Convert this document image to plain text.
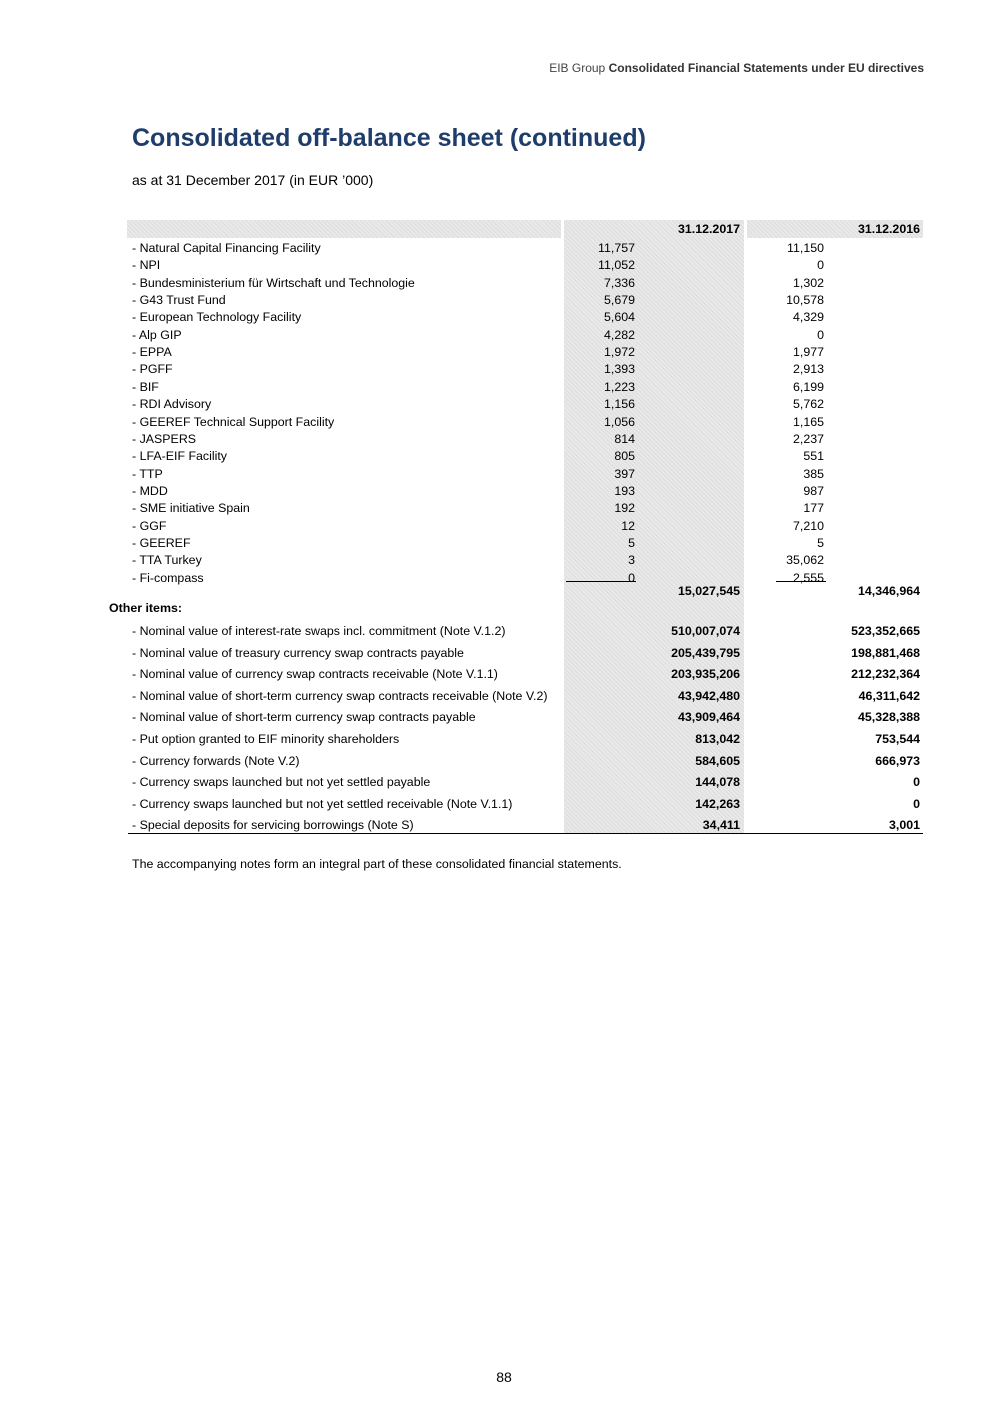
EIB Group Consolidated Financial Statements under EU directives
Consolidated off-balance sheet (continued)
as at 31 December 2017 (in EUR ’000)
31.12.2017	31.12.2016
- Natural Capital Financing Facility	11,757	11,150
- NPI	11,052	0
- Bundesministerium für Wirtschaft und Technologie	7,336	1,302
- G43 Trust Fund	5,679	10,578
- European Technology Facility	5,604	4,329
- Alp GIP	4,282	0
- EPPA	1,972	1,977
- PGFF	1,393	2,913
- BIF	1,223	6,199
- RDI Advisory	1,156	5,762
- GEEREF Technical Support Facility	1,056	1,165
- JASPERS	814	2,237
- LFA-EIF Facility	805	551
- TTP	397	385
- MDD	193	987
- SME initiative Spain	192	177
- GGF	12	7,210
- GEEREF	5	5
- TTA Turkey	3	35,062
- Fi-compass	0	2,555
15,027,545	14,346,964
Other items:
- Nominal value of interest-rate swaps incl. commitment (Note V.1.2)	510,007,074	523,352,665
- Nominal value of treasury currency swap contracts payable	205,439,795	198,881,468
- Nominal value of currency swap contracts receivable (Note V.1.1)	203,935,206	212,232,364
- Nominal value of short-term currency swap contracts receivable (Note V.2)	43,942,480	46,311,642
- Nominal value of short-term currency swap contracts payable	43,909,464	45,328,388
- Put option granted to EIF minority shareholders	813,042	753,544
- Currency forwards (Note V.2)	584,605	666,973
- Currency swaps launched but not yet settled payable	144,078	0
- Currency swaps launched but not yet settled receivable (Note V.1.1)	142,263	0
- Special deposits for servicing borrowings (Note S)	34,411	3,001
The accompanying notes form an integral part of these consolidated financial statements.
88
